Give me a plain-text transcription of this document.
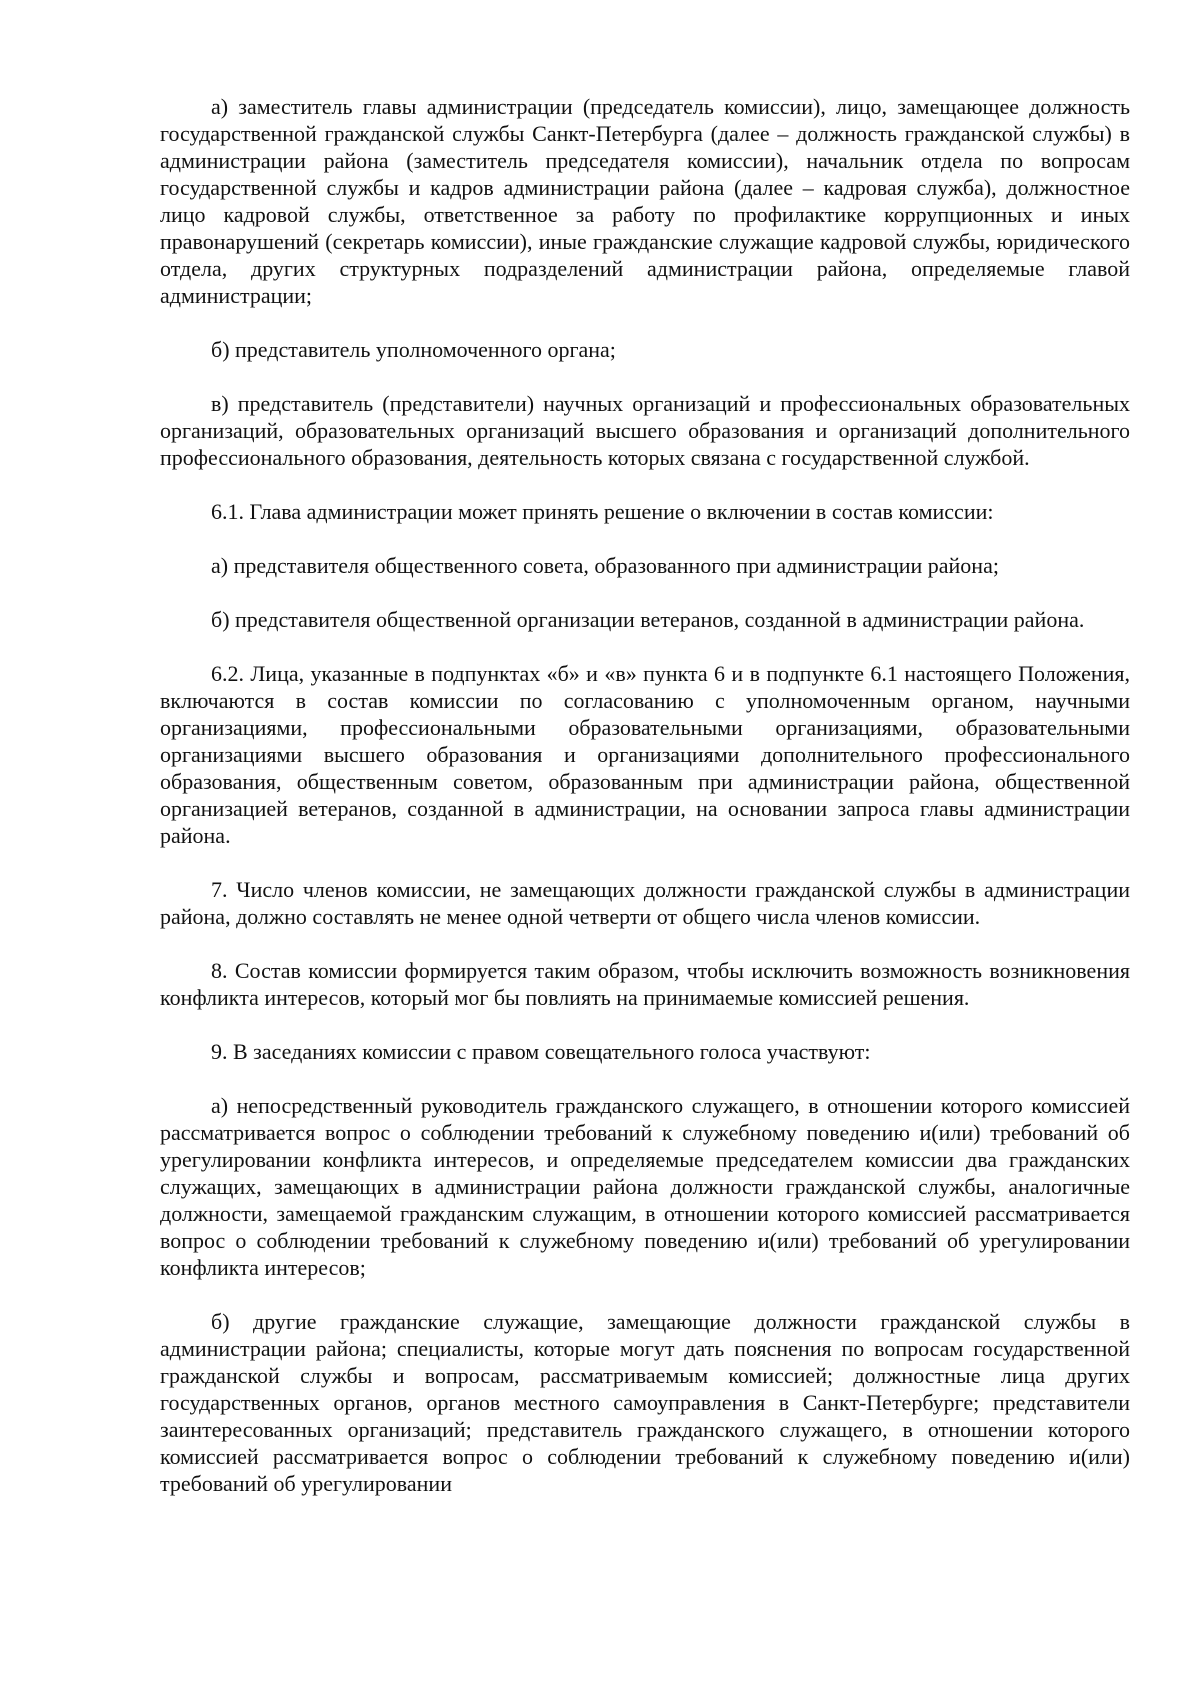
а) заместитель главы администрации (председатель комиссии), лицо, замещающее должность государственной гражданской службы Санкт-Петербурга (далее – должность гражданской службы) в администрации района (заместитель председателя комиссии), начальник отдела по вопросам государственной службы и кадров администрации района (далее – кадровая служба), должностное лицо кадровой службы, ответственное за работу по профилактике коррупционных и иных правонарушений (секретарь комиссии), иные гражданские служащие кадровой службы, юридического отдела, других структурных подразделений администрации района, определяемые главой администрации;

б) представитель уполномоченного органа;

в) представитель (представители) научных организаций и профессиональных образовательных организаций, образовательных организаций высшего образования и организаций дополнительного профессионального образования, деятельность которых связана с государственной службой.

6.1. Глава администрации может принять решение о включении в состав комиссии:

а) представителя общественного совета, образованного при администрации района;

б) представителя общественной организации ветеранов, созданной в администрации района.

6.2. Лица, указанные в подпунктах «б» и «в» пункта 6 и в подпункте 6.1 настоящего Положения, включаются в состав комиссии по согласованию с уполномоченным органом, научными организациями, профессиональными образовательными организациями, образовательными организациями высшего образования и организациями дополнительного профессионального образования, общественным советом, образованным при администрации района, общественной организацией ветеранов, созданной в администрации, на основании запроса главы администрации района.

7. Число членов комиссии, не замещающих должности гражданской службы в администрации района, должно составлять не менее одной четверти от общего числа членов комиссии.

8. Состав комиссии формируется таким образом, чтобы исключить возможность возникновения конфликта интересов, который мог бы повлиять на принимаемые комиссией решения.

9. В заседаниях комиссии с правом совещательного голоса участвуют:

а) непосредственный руководитель гражданского служащего, в отношении которого комиссией рассматривается вопрос о соблюдении требований к служебному поведению и(или) требований об урегулировании конфликта интересов, и определяемые председателем комиссии два гражданских служащих, замещающих в администрации района должности гражданской службы, аналогичные должности, замещаемой гражданским служащим, в отношении которого комиссией рассматривается вопрос о соблюдении требований к служебному поведению и(или) требований об урегулировании конфликта интересов;

б) другие гражданские служащие, замещающие должности гражданской службы в администрации района; специалисты, которые могут дать пояснения по вопросам государственной гражданской службы и вопросам, рассматриваемым комиссией; должностные лица других государственных органов, органов местного самоуправления в Санкт-Петербурге; представители заинтересованных организаций; представитель гражданского служащего, в отношении которого комиссией рассматривается вопрос о соблюдении требований к служебному поведению и(или) требований об урегулировании
